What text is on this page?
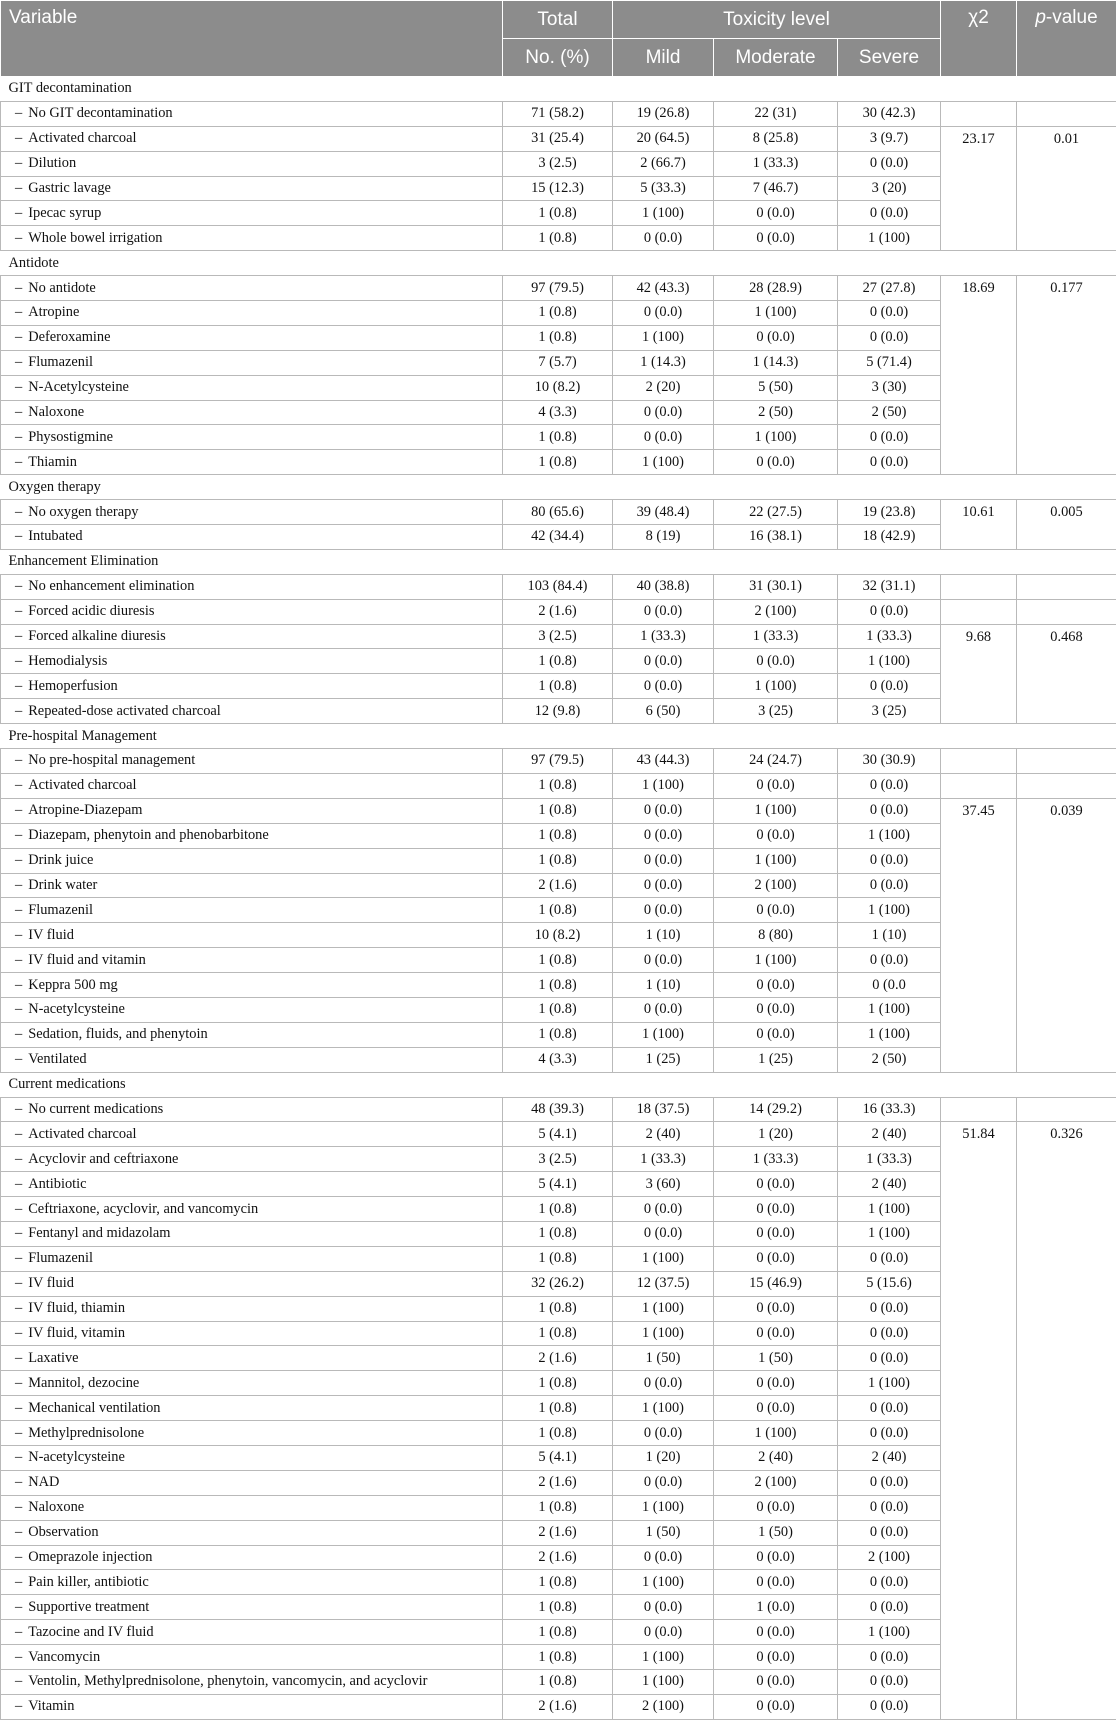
Variable	Total	Toxicity level			χ2	p-value
	No. (%)	Mild	Moderate	Severe		
GIT decontamination						
– No GIT decontamination	71 (58.2)	19 (26.8)	22 (31)	30 (42.3)		
– Activated charcoal	31 (25.4)	20 (64.5)	8 (25.8)	3 (9.7)	23.17	0.01
– Dilution	3 (2.5)	2 (66.7)	1 (33.3)	0 (0.0)		
– Gastric lavage	15 (12.3)	5 (33.3)	7 (46.7)	3 (20)		
– Ipecac syrup	1 (0.8)	1 (100)	0 (0.0)	0 (0.0)		
– Whole bowel irrigation	1 (0.8)	0 (0.0)	0 (0.0)	1 (100)		
Antidote						
– No antidote	97 (79.5)	42 (43.3)	28 (28.9)	27 (27.8)	18.69	0.177
– Atropine	1 (0.8)	0 (0.0)	1 (100)	0 (0.0)		
– Deferoxamine	1 (0.8)	1 (100)	0 (0.0)	0 (0.0)		
– Flumazenil	7 (5.7)	1 (14.3)	1 (14.3)	5 (71.4)		
– N-Acetylcysteine	10 (8.2)	2 (20)	5 (50)	3 (30)		
– Naloxone	4 (3.3)	0 (0.0)	2 (50)	2 (50)		
– Physostigmine	1 (0.8)	0 (0.0)	1 (100)	0 (0.0)		
– Thiamin	1 (0.8)	1 (100)	0 (0.0)	0 (0.0)		
Oxygen therapy						
– No oxygen therapy	80 (65.6)	39 (48.4)	22 (27.5)	19 (23.8)	10.61	0.005
– Intubated	42 (34.4)	8 (19)	16 (38.1)	18 (42.9)		
Enhancement Elimination						
– No enhancement elimination	103 (84.4)	40 (38.8)	31 (30.1)	32 (31.1)		
– Forced acidic diuresis	2 (1.6)	0 (0.0)	2 (100)	0 (0.0)		
– Forced alkaline diuresis	3 (2.5)	1 (33.3)	1 (33.3)	1 (33.3)	9.68	0.468
– Hemodialysis	1 (0.8)	0 (0.0)	0 (0.0)	1 (100)		
– Hemoperfusion	1 (0.8)	0 (0.0)	1 (100)	0 (0.0)		
– Repeated-dose activated charcoal	12 (9.8)	6 (50)	3 (25)	3 (25)		
Pre-hospital Management						
– No pre-hospital management	97 (79.5)	43 (44.3)	24 (24.7)	30 (30.9)		
– Activated charcoal	1 (0.8)	1 (100)	0 (0.0)	0 (0.0)		
– Atropine-Diazepam	1 (0.8)	0 (0.0)	1 (100)	0 (0.0)	37.45	0.039
– Diazepam, phenytoin and phenobarbitone	1 (0.8)	0 (0.0)	0 (0.0)	1 (100)		
– Drink juice	1 (0.8)	0 (0.0)	1 (100)	0 (0.0)		
– Drink water	2 (1.6)	0 (0.0)	2 (100)	0 (0.0)		
– Flumazenil	1 (0.8)	0 (0.0)	0 (0.0)	1 (100)		
– IV fluid	10 (8.2)	1 (10)	8 (80)	1 (10)		
– IV fluid and vitamin	1 (0.8)	0 (0.0)	1 (100)	0 (0.0)		
– Keppra 500 mg	1 (0.8)	1 (10)	0 (0.0)	0 (0.0		
– N-acetylcysteine	1 (0.8)	0 (0.0)	0 (0.0)	1 (100)		
– Sedation, fluids, and phenytoin	1 (0.8)	1 (100)	0 (0.0)	1 (100)		
– Ventilated	4 (3.3)	1 (25)	1 (25)	2 (50)		
Current medications						
– No current medications	48 (39.3)	18 (37.5)	14 (29.2)	16 (33.3)		
– Activated charcoal	5 (4.1)	2 (40)	1 (20)	2 (40)	51.84	0.326
– Acyclovir and ceftriaxone	3 (2.5)	1 (33.3)	1 (33.3)	1 (33.3)		
– Antibiotic	5 (4.1)	3 (60)	0 (0.0)	2 (40)		
– Ceftriaxone, acyclovir, and vancomycin	1 (0.8)	0 (0.0)	0 (0.0)	1 (100)		
– Fentanyl and midazolam	1 (0.8)	0 (0.0)	0 (0.0)	1 (100)		
– Flumazenil	1 (0.8)	1 (100)	0 (0.0)	0 (0.0)		
– IV fluid	32 (26.2)	12 (37.5)	15 (46.9)	5 (15.6)		
– IV fluid, thiamin	1 (0.8)	1 (100)	0 (0.0)	0 (0.0)		
– IV fluid, vitamin	1 (0.8)	1 (100)	0 (0.0)	0 (0.0)		
– Laxative	2 (1.6)	1 (50)	1 (50)	0 (0.0)		
– Mannitol, dezocine	1 (0.8)	0 (0.0)	0 (0.0)	1 (100)		
– Mechanical ventilation	1 (0.8)	1 (100)	0 (0.0)	0 (0.0)		
– Methylprednisolone	1 (0.8)	0 (0.0)	1 (100)	0 (0.0)		
– N-acetylcysteine	5 (4.1)	1 (20)	2 (40)	2 (40)		
– NAD	2 (1.6)	0 (0.0)	2 (100)	0 (0.0)		
– Naloxone	1 (0.8)	1 (100)	0 (0.0)	0 (0.0)		
– Observation	2 (1.6)	1 (50)	1 (50)	0 (0.0)		
– Omeprazole injection	2 (1.6)	0 (0.0)	0 (0.0)	2 (100)		
– Pain killer, antibiotic	1 (0.8)	1 (100)	0 (0.0)	0 (0.0)		
– Supportive treatment	1 (0.8)	0 (0.0)	1 (0.0)	0 (0.0)		
– Tazocine and IV fluid	1 (0.8)	0 (0.0)	0 (0.0)	1 (100)		
– Vancomycin	1 (0.8)	1 (100)	0 (0.0)	0 (0.0)		
– Ventolin, Methylprednisolone, phenytoin, vancomycin, and acyclovir	1 (0.8)	1 (100)	0 (0.0)	0 (0.0)		
– Vitamin	2 (1.6)	2 (100)	0 (0.0)	0 (0.0)		
